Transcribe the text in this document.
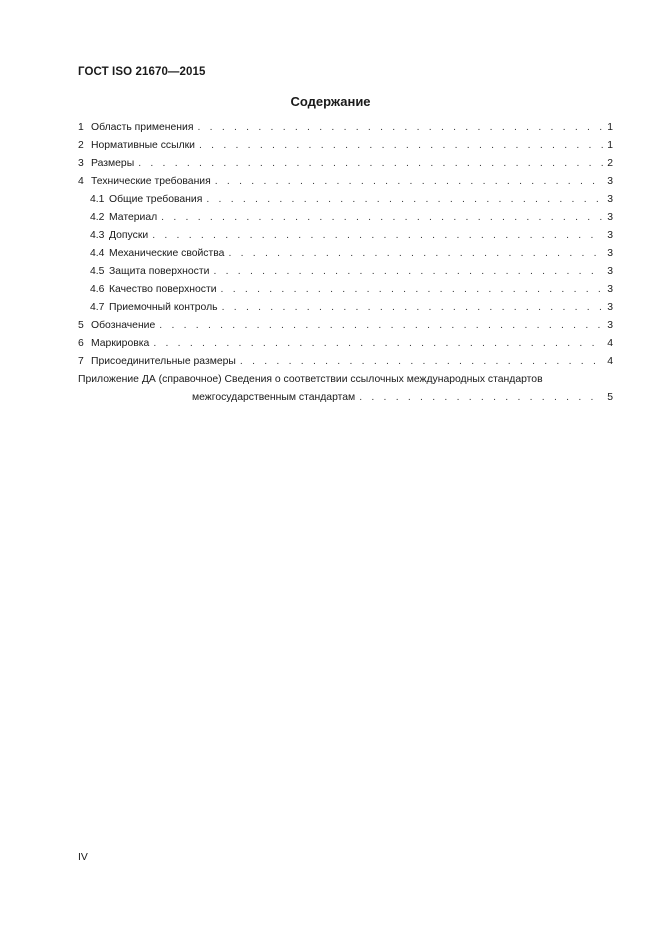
ГОСТ ISO 21670—2015
Содержание
1 Область применения . . .	1
2 Нормативные ссылки . . .	1
3 Размеры . . .	2
4 Технические требования . . .	3
4.1 Общие требования . . .	3
4.2 Материал . . .	3
4.3 Допуски . . .	3
4.4 Механические свойства . . .	3
4.5 Защита поверхности . . .	3
4.6 Качество поверхности . . .	3
4.7 Приемочный контроль . . .	3
5 Обозначение . . .	3
6 Маркировка . . .	4
7 Присоединительные размеры . . .	4
Приложение ДА (справочное) Сведения о соответствии ссылочных международных стандартов
межгосударственным стандартам . . .	5
IV
